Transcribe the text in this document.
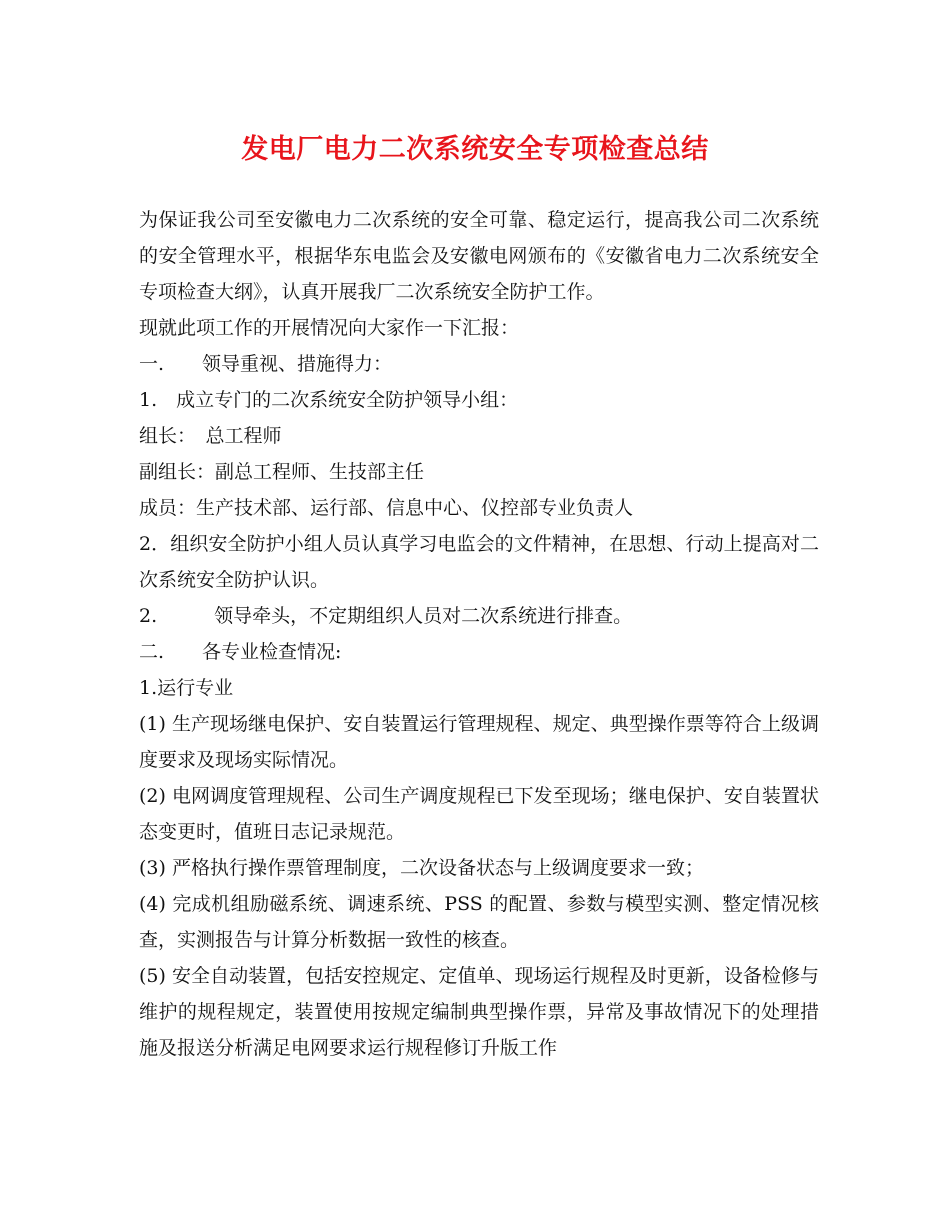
发电厂电力二次系统安全专项检查总结

为保证我公司至安徽电力二次系统的安全可靠、稳定运行，提高我公司二次系统的安全管理水平，根据华东电监会及安徽电网颁布的《安徽省电力二次系统安全专项检查大纲》，认真开展我厂二次系统安全防护工作。

现就此项工作的开展情况向大家作一下汇报：

一.　　领导重视、措施得力：

1.　成立专门的二次系统安全防护领导小组：

组长：　总工程师

副组长：副总工程师、生技部主任

成员：生产技术部、运行部、信息中心、仪控部专业负责人

2．组织安全防护小组人员认真学习电监会的文件精神，在思想、行动上提高对二次系统安全防护认识。

2.　　　领导牵头，不定期组织人员对二次系统进行排查。

二.　　各专业检查情况:

1.运行专业

(1) 生产现场继电保护、安自装置运行管理规程、规定、典型操作票等符合上级调度要求及现场实际情况。

(2) 电网调度管理规程、公司生产调度规程已下发至现场；继电保护、安自装置状态变更时，值班日志记录规范。

(3) 严格执行操作票管理制度，二次设备状态与上级调度要求一致；

(4) 完成机组励磁系统、调速系统、PSS 的配置、参数与模型实测、整定情况核查，实测报告与计算分析数据一致性的核查。

(5) 安全自动装置，包括安控规定、定值单、现场运行规程及时更新，设备检修与维护的规程规定，装置使用按规定编制典型操作票，异常及事故情况下的处理措施及报送分析满足电网要求运行规程修订升版工作
